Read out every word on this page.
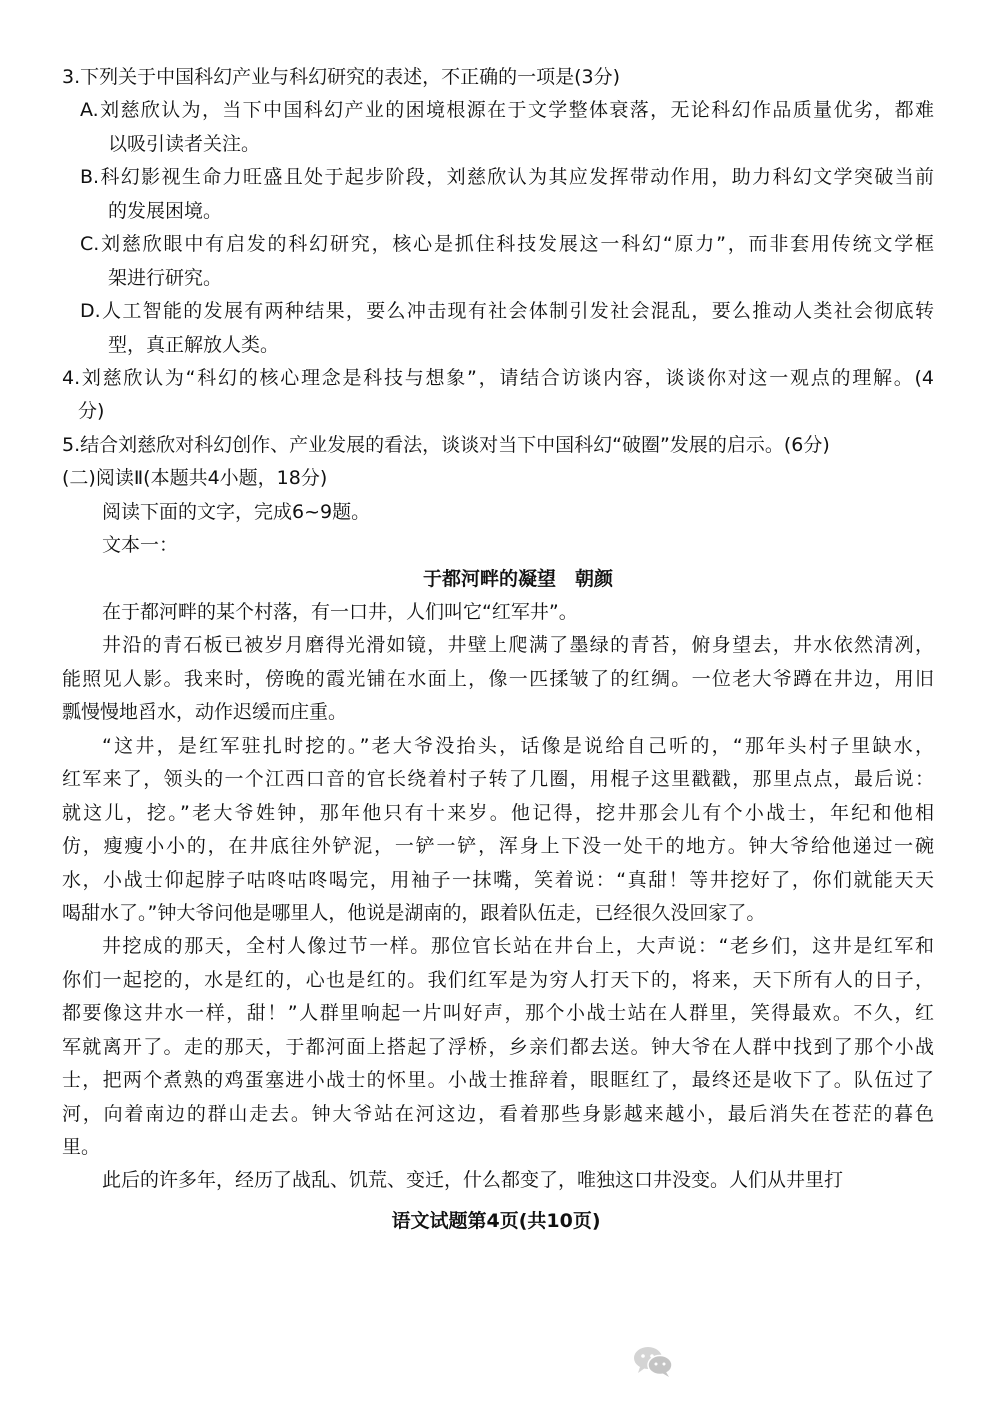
3.下列关于中国科幻产业与科幻研究的表述，不正确的一项是(3分)
A.刘慈欣认为，当下中国科幻产业的困境根源在于文学整体衰落，无论科幻作品质量优劣，都难
以吸引读者关注。
B.科幻影视生命力旺盛且处于起步阶段，刘慈欣认为其应发挥带动作用，助力科幻文学突破当前
的发展困境。
C.刘慈欣眼中有启发的科幻研究，核心是抓住科技发展这一科幻“原力”，而非套用传统文学框
架进行研究。
D.人工智能的发展有两种结果，要么冲击现有社会体制引发社会混乱，要么推动人类社会彻底转
型，真正解放人类。
4.刘慈欣认为“科幻的核心理念是科技与想象”，请结合访谈内容，谈谈你对这一观点的理解。(4
分)
5.结合刘慈欣对科幻创作、产业发展的看法，谈谈对当下中国科幻“破圈”发展的启示。(6分)
(二)阅读Ⅱ(本题共4小题，18分)
阅读下面的文字，完成6~9题。
文本一：
于都河畔的凝望　朝颜
在于都河畔的某个村落，有一口井，人们叫它“红军井”。
井沿的青石板已被岁月磨得光滑如镜，井壁上爬满了墨绿的青苔，俯身望去，井水依然清冽，
能照见人影。我来时，傍晚的霞光铺在水面上，像一匹揉皱了的红绸。一位老大爷蹲在井边，用旧
瓢慢慢地舀水，动作迟缓而庄重。
“这井，是红军驻扎时挖的。”老大爷没抬头，话像是说给自己听的，“那年头村子里缺水，
红军来了，领头的一个江西口音的官长绕着村子转了几圈，用棍子这里戳戳，那里点点，最后说：
就这儿，挖。”老大爷姓钟，那年他只有十来岁。他记得，挖井那会儿有个小战士，年纪和他相
仿，瘦瘦小小的，在井底往外铲泥，一铲一铲，浑身上下没一处干的地方。钟大爷给他递过一碗
水，小战士仰起脖子咕咚咕咚喝完，用袖子一抹嘴，笑着说：“真甜！等井挖好了，你们就能天天
喝甜水了。”钟大爷问他是哪里人，他说是湖南的，跟着队伍走，已经很久没回家了。
井挖成的那天，全村人像过节一样。那位官长站在井台上，大声说：“老乡们，这井是红军和
你们一起挖的，水是红的，心也是红的。我们红军是为穷人打天下的，将来，天下所有人的日子，
都要像这井水一样，甜！”人群里响起一片叫好声，那个小战士站在人群里，笑得最欢。不久，红
军就离开了。走的那天，于都河面上搭起了浮桥，乡亲们都去送。钟大爷在人群中找到了那个小战
士，把两个煮熟的鸡蛋塞进小战士的怀里。小战士推辞着，眼眶红了，最终还是收下了。队伍过了
河，向着南边的群山走去。钟大爷站在河这边，看着那些身影越来越小，最后消失在苍茫的暮色
里。
此后的许多年，经历了战乱、饥荒、变迁，什么都变了，唯独这口井没变。人们从井里打
语文试题第4页(共10页)
